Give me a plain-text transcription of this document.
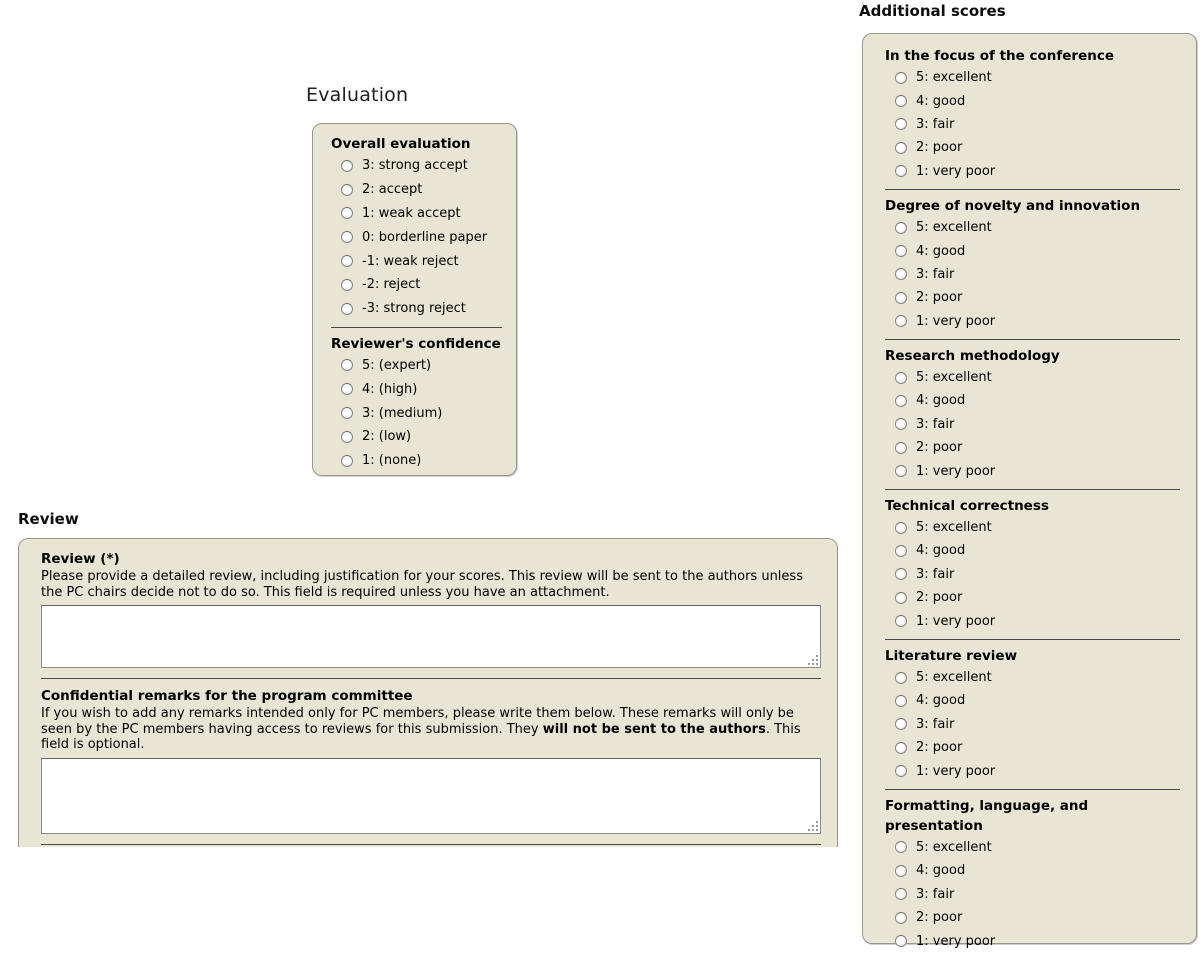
Evaluation
Overall evaluation
3: strong accept
2: accept
1: weak accept
0: borderline paper
-1: weak reject
-2: reject
-3: strong reject
Reviewer's confidence
5: (expert)
4: (high)
3: (medium)
2: (low)
1: (none)
Review
Review (*)
Please provide a detailed review, including justification for your scores. This review will be sent to the authors unless the PC chairs decide not to do so. This field is required unless you have an attachment.
Confidential remarks for the program committee
If you wish to add any remarks intended only for PC members, please write them below. These remarks will only be seen by the PC members having access to reviews for this submission. They will not be sent to the authors. This field is optional.
Additional scores
In the focus of the conference
5: excellent
4: good
3: fair
2: poor
1: very poor
Degree of novelty and innovation
5: excellent
4: good
3: fair
2: poor
1: very poor
Research methodology
5: excellent
4: good
3: fair
2: poor
1: very poor
Technical correctness
5: excellent
4: good
3: fair
2: poor
1: very poor
Literature review
5: excellent
4: good
3: fair
2: poor
1: very poor
Formatting, language, and presentation
5: excellent
4: good
3: fair
2: poor
1: very poor
